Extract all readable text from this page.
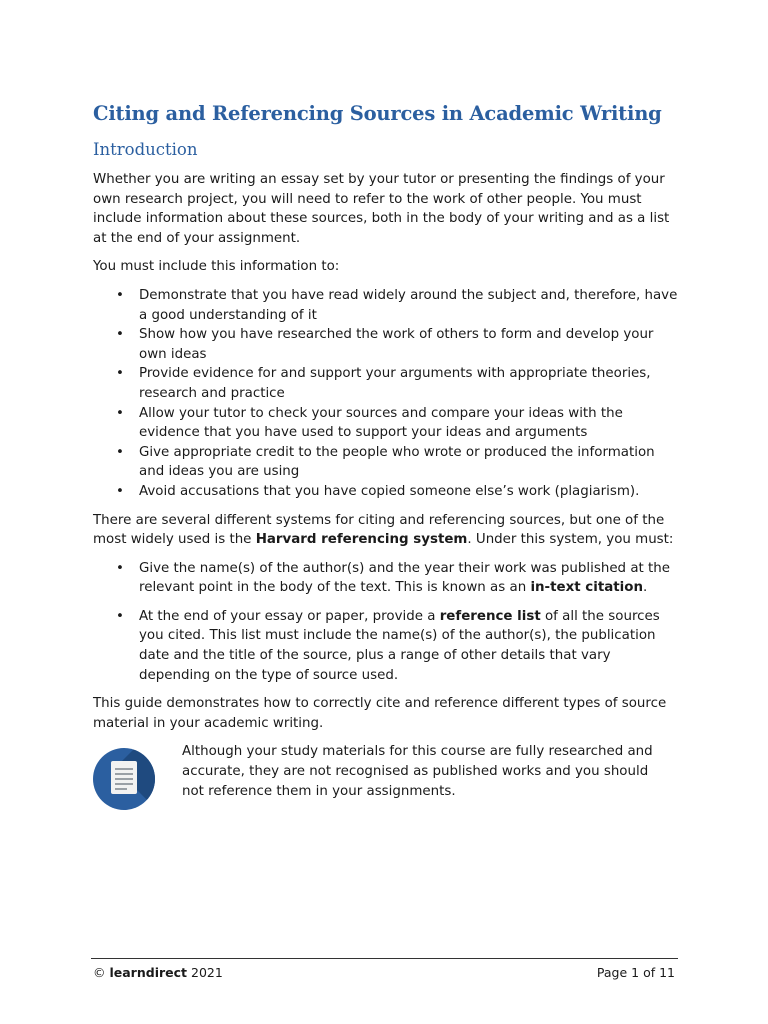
Citing and Referencing Sources in Academic Writing
Introduction

Whether you are writing an essay set by your tutor or presenting the findings of your own research project, you will need to refer to the work of other people. You must include information about these sources, both in the body of your writing and as a list at the end of your assignment.

You must include this information to:

• Demonstrate that you have read widely around the subject and, therefore, have a good understanding of it
• Show how you have researched the work of others to form and develop your own ideas
• Provide evidence for and support your arguments with appropriate theories, research and practice
• Allow your tutor to check your sources and compare your ideas with the evidence that you have used to support your ideas and arguments
• Give appropriate credit to the people who wrote or produced the information and ideas you are using
• Avoid accusations that you have copied someone else’s work (plagiarism).

There are several different systems for citing and referencing sources, but one of the most widely used is the Harvard referencing system. Under this system, you must:

• Give the name(s) of the author(s) and the year their work was published at the relevant point in the body of the text. This is known as an in-text citation.
• At the end of your essay or paper, provide a reference list of all the sources you cited. This list must include the name(s) of the author(s), the publication date and the title of the source, plus a range of other details that vary depending on the type of source used.

This guide demonstrates how to correctly cite and reference different types of source material in your academic writing.

Although your study materials for this course are fully researched and accurate, they are not recognised as published works and you should not reference them in your assignments.
© learndirect 2021	Page 1 of 11
